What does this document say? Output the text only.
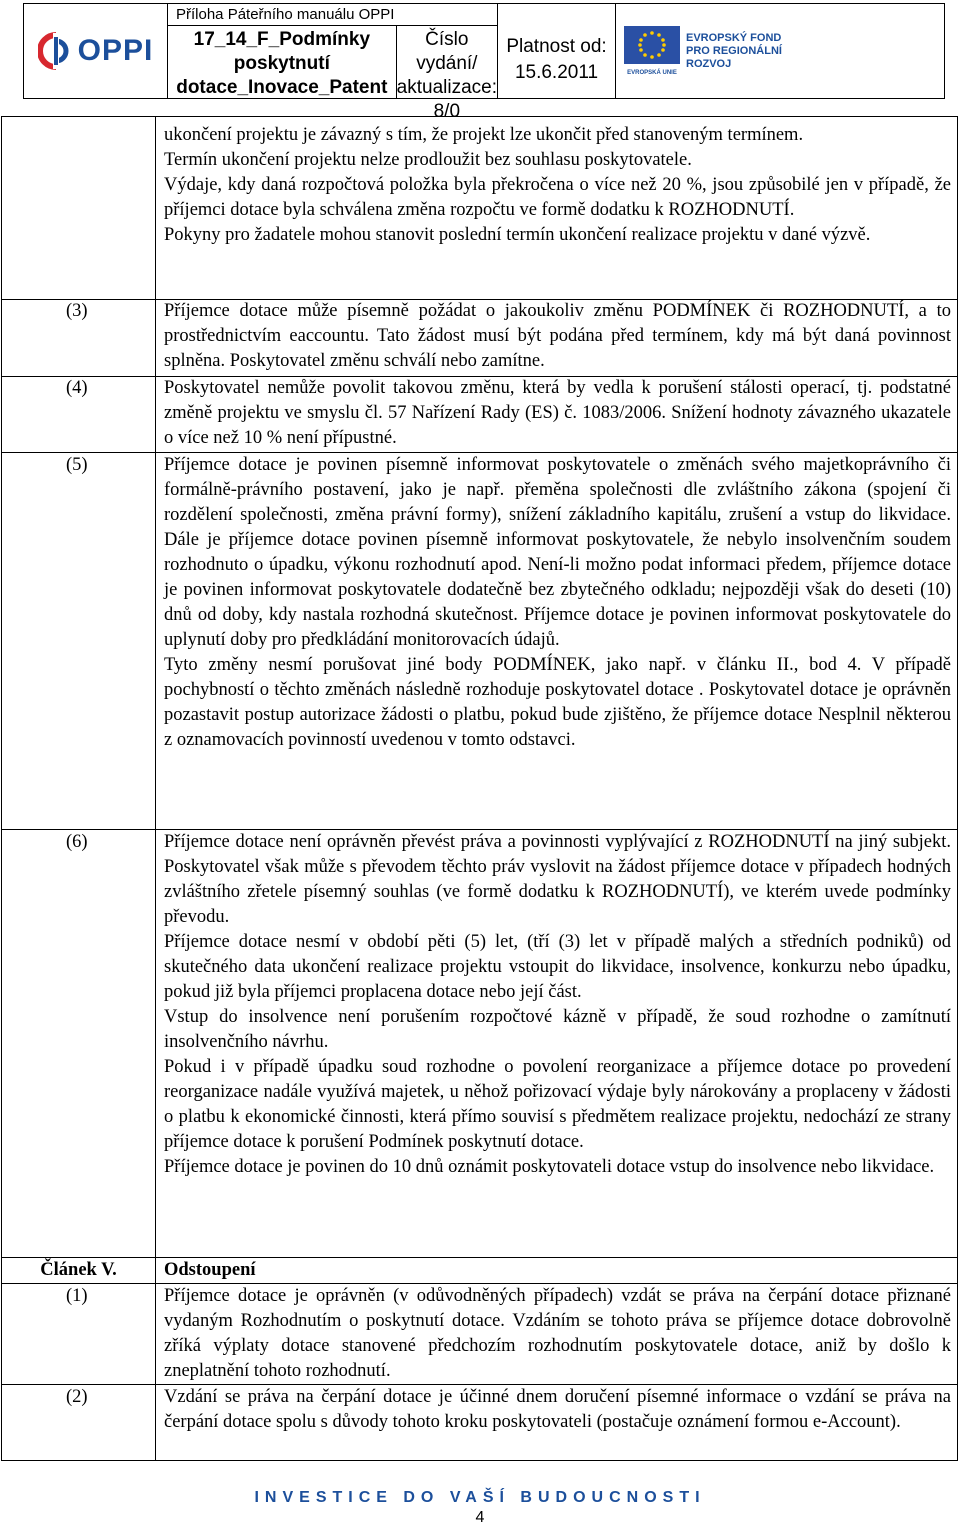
OPPI
Příloha Páteřního manuálu OPPI
17_14_F_Podmínky
poskytnutí
dotace_Inovace_Patent
Číslo vydání/
aktualizace:
8/0
Platnost od:
15.6.2011	EVROPSKÁ UNIE
EVROPSKÝ FOND
PRO REGIONÁLNÍ
ROZVOJ

ukončení projektu je závazný s tím, že projekt lze ukončit před stanoveným termínem.

Termín ukončení projektu nelze prodloužit bez souhlasu poskytovatele.

Výdaje, kdy daná rozpočtová položka byla překročena o více než 20 %, jsou způsobilé jen v případě, že příjemci dotace byla schválena změna rozpočtu ve formě dodatku k ROZHODNUTÍ.

Pokyny pro žadatele mohou stanovit poslední termín ukončení realizace projektu v dané výzvě.

(3)	Příjemce dotace může písemně požádat o jakoukoliv změnu PODMÍNEK či ROZHODNUTÍ, a to prostřednictvím eaccountu. Tato žádost musí být podána před termínem, kdy má být daná povinnost splněna. Poskytovatel změnu schválí nebo zamítne.

(4)	Poskytovatel nemůže povolit takovou změnu, která by vedla k porušení stálosti operací, tj. podstatné změně projektu ve smyslu čl. 57 Nařízení Rady (ES) č. 1083/2006. Snížení hodnoty závazného ukazatele o více než 10 % není přípustné.

(5)	Příjemce dotace je povinen písemně informovat poskytovatele o změnách svého majetkoprávního či formálně-právního postavení, jako je např. přeměna společnosti dle zvláštního zákona (spojení či rozdělení společnosti, změna právní formy), snížení základního kapitálu, zrušení a vstup do likvidace. Dále je příjemce dotace povinen písemně informovat poskytovatele, že nebylo insolvenčním soudem rozhodnuto o úpadku, výkonu rozhodnutí apod. Není-li možno podat informaci předem, příjemce dotace je povinen informovat poskytovatele dodatečně bez zbytečného odkladu; nejpozději však do deseti (10) dnů od doby, kdy nastala rozhodná skutečnost. Příjemce dotace je povinen informovat poskytovatele do uplynutí doby pro předkládání monitorovacích údajů.

Tyto změny nesmí porušovat jiné body PODMÍNEK, jako např. v článku II., bod 4. V případě pochybností o těchto změnách následně rozhoduje poskytovatel dotace . Poskytovatel dotace je oprávněn pozastavit postup autorizace žádosti o platbu, pokud bude zjištěno, že příjemce dotace Nesplnil některou z oznamovacích povinností uvedenou v tomto odstavci.

(6)	Příjemce dotace není oprávněn převést práva a povinnosti vyplývající z ROZHODNUTÍ na jiný subjekt. Poskytovatel však může s převodem těchto práv vyslovit na žádost příjemce dotace v případech hodných zvláštního zřetele písemný souhlas (ve formě dodatku k ROZHODNUTÍ), ve kterém uvede podmínky převodu.

Příjemce dotace nesmí v období pěti (5) let, (tří (3) let v případě malých a středních podniků) od skutečného data ukončení realizace projektu vstoupit do likvidace, insolvence, konkurzu nebo úpadku, pokud již byla příjemci proplacena dotace nebo její část.

Vstup do insolvence není porušením rozpočtové kázně v případě, že soud rozhodne o zamítnutí insolvenčního návrhu.

Pokud i v případě úpadku soud rozhodne o povolení reorganizace a příjemce dotace po provedení reorganizace nadále využívá majetek, u něhož pořizovací výdaje byly nárokovány a proplaceny v žádosti o platbu k ekonomické činnosti, která přímo souvisí s předmětem realizace projektu, nedochází ze strany příjemce dotace k porušení Podmínek poskytnutí dotace.

Příjemce dotace je povinen do 10 dnů oznámit poskytovateli dotace vstup do insolvence nebo likvidace.

Článek V.	Odstoupení
(1)	Příjemce dotace je oprávněn (v odůvodněných případech) vzdát se práva na čerpání dotace přiznané vydaným Rozhodnutím o poskytnutí dotace. Vzdáním se tohoto práva se příjemce dotace dobrovolně zříká výplaty dotace stanovené předchozím rozhodnutím poskytovatele dotace, aniž by došlo k zneplatnění tohoto rozhodnutí.

(2)	Vzdání se práva na čerpání dotace je účinné dnem doručení písemné informace o vzdání se práva na čerpání dotace spolu s důvody tohoto kroku poskytovateli (postačuje oznámení formou e-Account).

INVESTICE DO VAŠÍ BUDOUCNOSTI
4
